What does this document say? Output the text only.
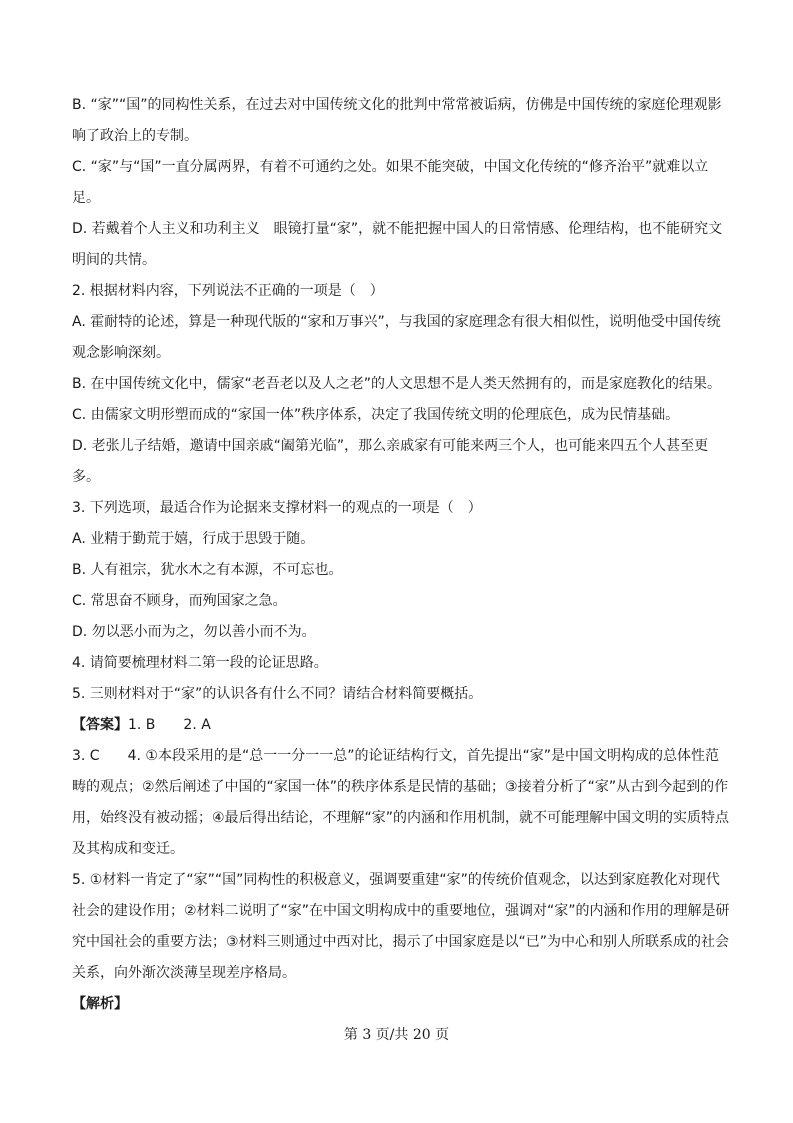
B. “家”“国”的同构性关系，在过去对中国传统文化的批判中常常被诟病，仿佛是中国传统的家庭伦理观影响了政治上的专制。

C. “家”与“国”一直分属两界，有着不可通约之处。如果不能突破，中国文化传统的“修齐治平”就难以立足。

D. 若戴着个人主义和功利主义　眼镜打量“家”，就不能把握中国人的日常情感、伦理结构，也不能研究文明间的共情。

2. 根据材料内容，下列说法不正确的一项是（　）

A. 霍耐特的论述，算是一种现代版的“家和万事兴”，与我国的家庭理念有很大相似性，说明他受中国传统观念影响深刻。

B. 在中国传统文化中，儒家“老吾老以及人之老”的人文思想不是人类天然拥有的，而是家庭教化的结果。

C. 由儒家文明形塑而成的“家国一体”秩序体系，决定了我国传统文明的伦理底色，成为民情基础。

D. 老张儿子结婚，邀请中国亲戚“阖第光临”，那么亲戚家有可能来两三个人，也可能来四五个人甚至更多。

3. 下列选项，最适合作为论据来支撑材料一的观点的一项是（　）

A. 业精于勤荒于嬉，行成于思毁于随。

B. 人有祖宗，犹水木之有本源，不可忘也。

C. 常思奋不顾身，而殉国家之急。

D. 勿以恶小而为之，勿以善小而不为。

4. 请简要梳理材料二第一段的论证思路。

5. 三则材料对于“家”的认识各有什么不同？请结合材料简要概括。

【答案】1. B　　2. A

3. C　　4. ①本段采用的是“总一一分一一总”的论证结构行文，首先提出“家”是中国文明构成的总体性范畴的观点；②然后阐述了中国的“家国一体”的秩序体系是民情的基础；③接着分析了“家”从古到今起到的作用，始终没有被动摇；④最后得出结论，不理解“家”的内涵和作用机制，就不可能理解中国文明的实质特点及其构成和变迁。

5. ①材料一肯定了“家”“国”同构性的积极意义，强调要重建“家”的传统价值观念，以达到家庭教化对现代社会的建设作用；②材料二说明了“家”在中国文明构成中的重要地位，强调对“家”的内涵和作用的理解是研究中国社会的重要方法；③材料三则通过中西对比，揭示了中国家庭是以“已”为中心和别人所联系成的社会关系，向外渐次淡薄呈现差序格局。

【解析】

第 3 页/共 20 页
